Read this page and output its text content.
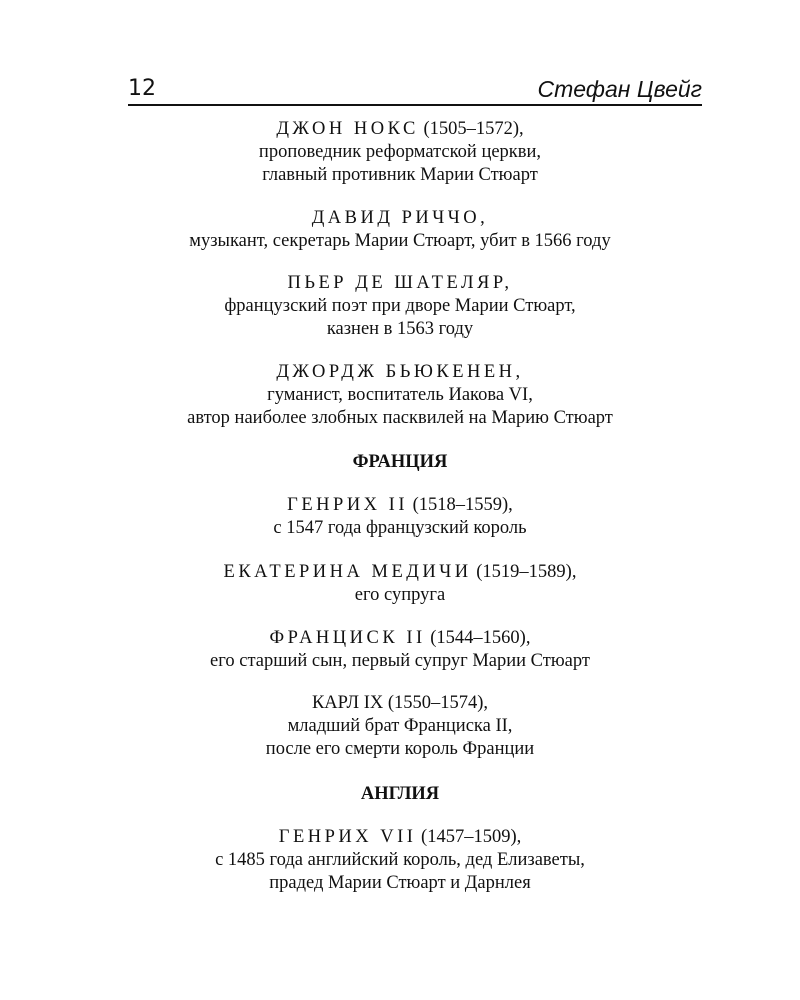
12	Стефан Цвейг
ДЖОН НОКС (1505–1572),
проповедник реформатской церкви,
главный противник Марии Стюарт
ДАВИД РИЧЧО,
музыкант, секретарь Марии Стюарт, убит в 1566 году
ПЬЕР ДЕ ШАТЕЛЯР,
французский поэт при дворе Марии Стюарт,
казнен в 1563 году
ДЖОРДЖ БЬЮКЕНЕН,
гуманист, воспитатель Иакова VI,
автор наиболее злобных пасквилей на Марию Стюарт
ФРАНЦИЯ
ГЕНРИХ II (1518–1559),
с 1547 года французский король
ЕКАТЕРИНА МЕДИЧИ (1519–1589),
его супруга
ФРАНЦИСК II (1544–1560),
его старший сын, первый супруг Марии Стюарт
КАРЛ IX (1550–1574),
младший брат Франциска II,
после его смерти король Франции
АНГЛИЯ
ГЕНРИХ VII (1457–1509),
с 1485 года английский король, дед Елизаветы,
прадед Марии Стюарт и Дарнлея
